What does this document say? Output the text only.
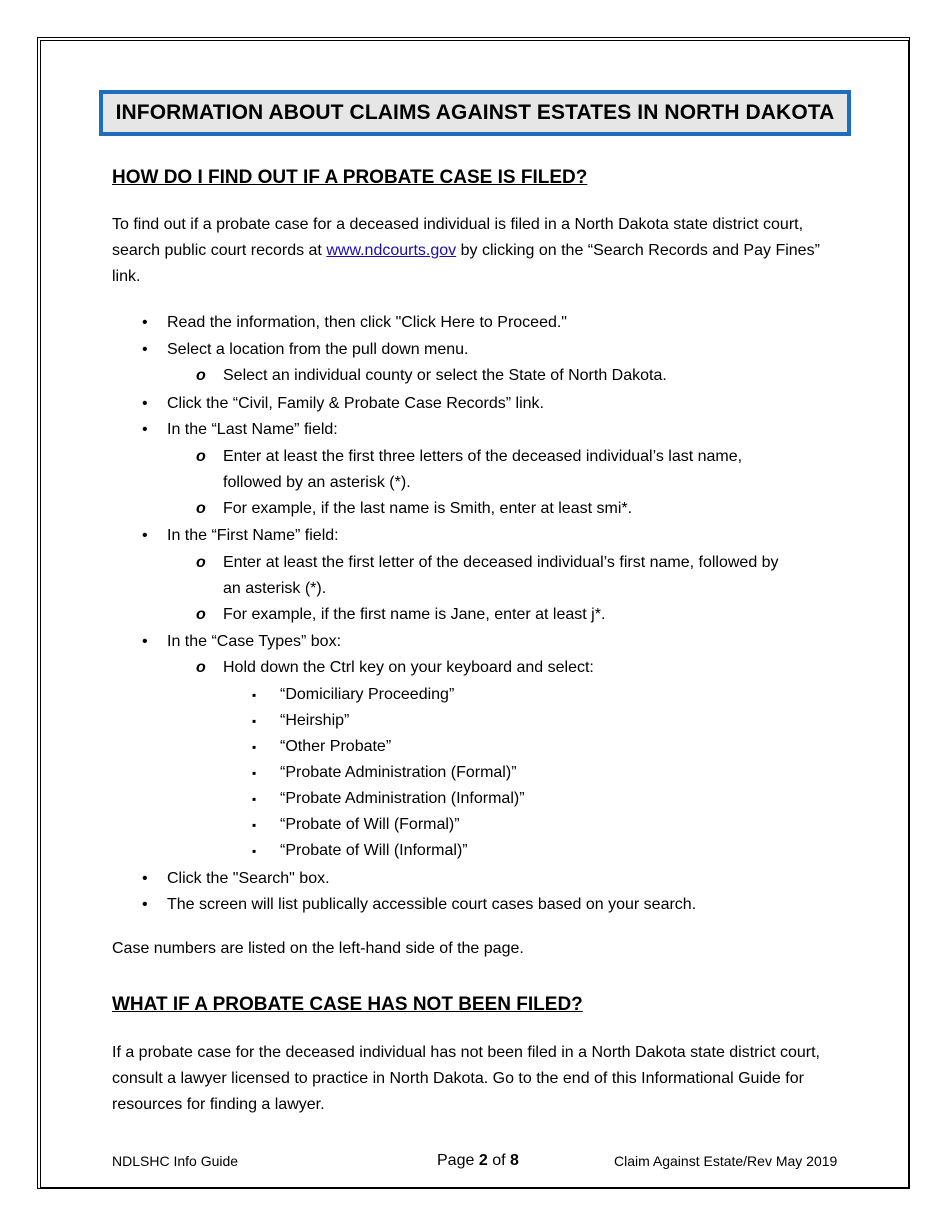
INFORMATION ABOUT CLAIMS AGAINST ESTATES IN NORTH DAKOTA
HOW DO I FIND OUT IF A PROBATE CASE IS FILED?

To find out if a probate case for a deceased individual is filed in a North Dakota state district court, search public court records at www.ndcourts.gov by clicking on the “Search Records and Pay Fines” link.

• Read the information, then click "Click Here to Proceed."
• Select a location from the pull down menu.
o Select an individual county or select the State of North Dakota.
• Click the “Civil, Family & Probate Case Records” link.
• In the “Last Name” field:
o Enter at least the first three letters of the deceased individual’s last name,
followed by an asterisk (*).
o For example, if the last name is Smith, enter at least smi*.
• In the “First Name” field:
o Enter at least the first letter of the deceased individual’s first name, followed by
an asterisk (*).
o For example, if the first name is Jane, enter at least j*.
• In the “Case Types” box:
o Hold down the Ctrl key on your keyboard and select:
▪ “Domiciliary Proceeding”
▪ “Heirship”
▪ “Other Probate”
▪ “Probate Administration (Formal)”
▪ “Probate Administration (Informal)”
▪ “Probate of Will (Formal)”
▪ “Probate of Will (Informal)”
• Click the "Search" box.
• The screen will list publically accessible court cases based on your search.

Case numbers are listed on the left-hand side of the page.

WHAT IF A PROBATE CASE HAS NOT BEEN FILED?

If a probate case for the deceased individual has not been filed in a North Dakota state district court, consult a lawyer licensed to practice in North Dakota. Go to the end of this Informational Guide for resources for finding a lawyer.

NDLSHC Info Guide	Page 2 of 8	Claim Against Estate/Rev May 2019
